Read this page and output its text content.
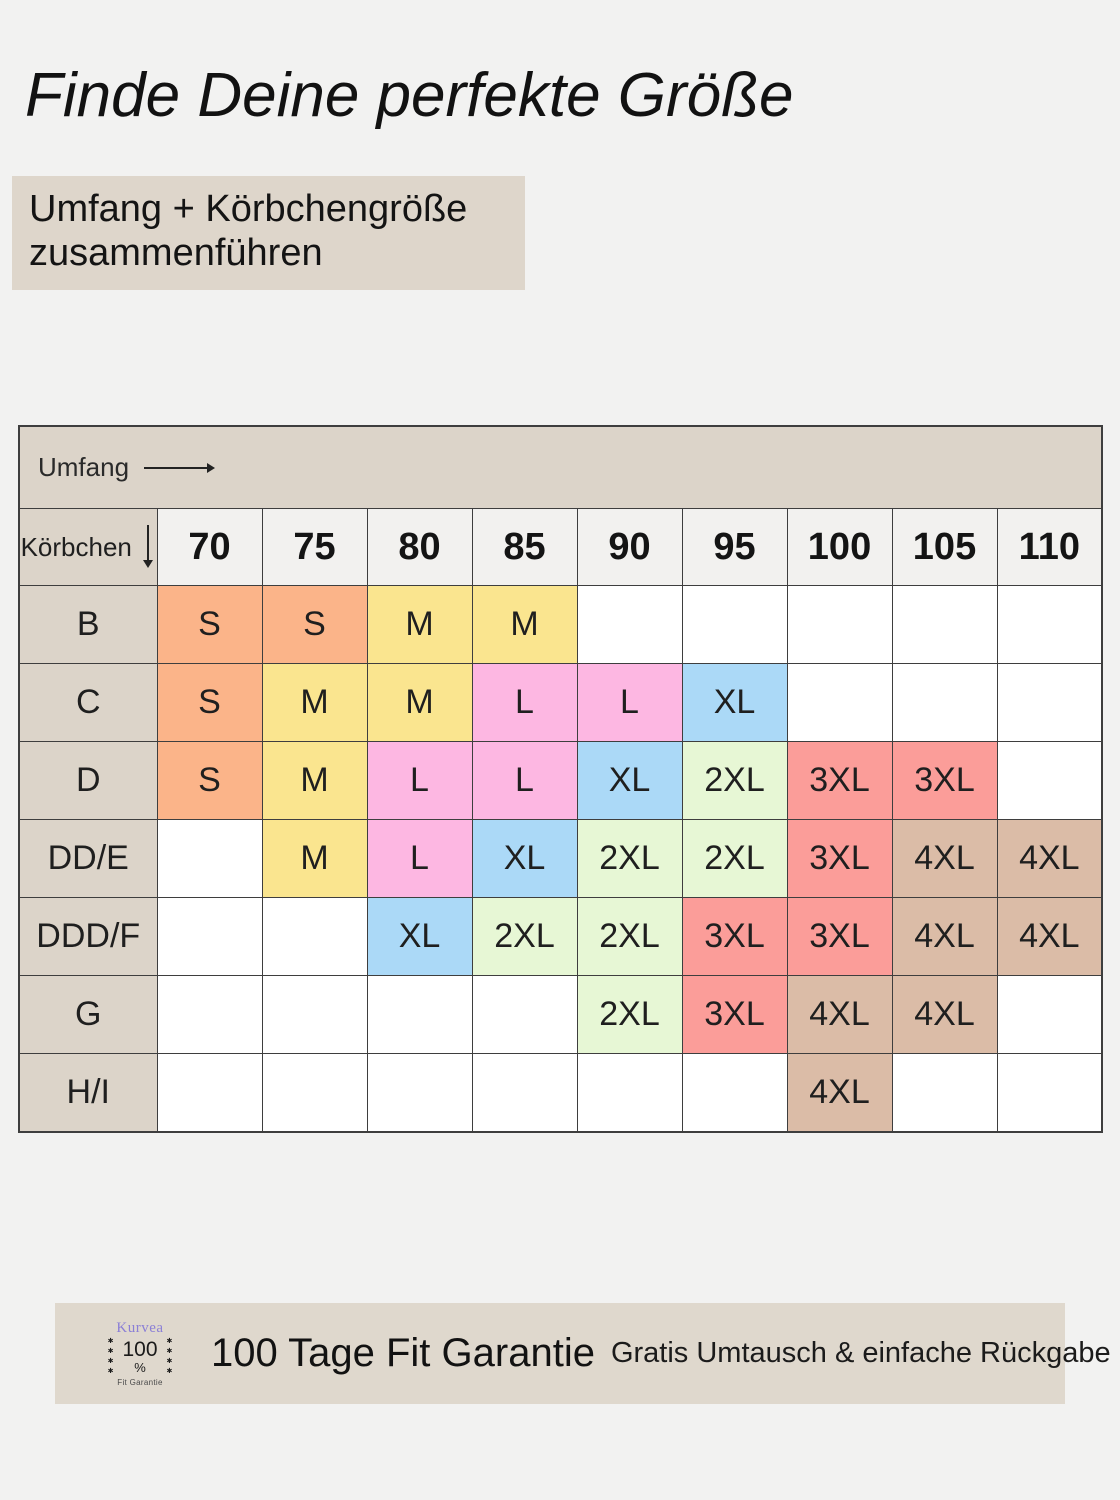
Finde Deine perfekte Größe
Umfang + Körbchengröße
zusammenführen
Umfang									

Körbchen	70	75	80	85	90	95	100	105	110
B	S	S	M	M					
C	S	M	M	L	L	XL			
D	S	M	L	L	XL	2XL	3XL	3XL	
DD/E		M	L	XL	2XL	2XL	3XL	4XL	4XL
DDD/F			XL	2XL	2XL	3XL	3XL	4XL	4XL
G					2XL	3XL	4XL	4XL	
H/I							4XL		
Kurvea
✱
✱
✱
✱
100
%
✱
✱
✱
✱
Fit Garantie
100 Tage Fit Garantie Gratis Umtausch & einfache Rückgabe
